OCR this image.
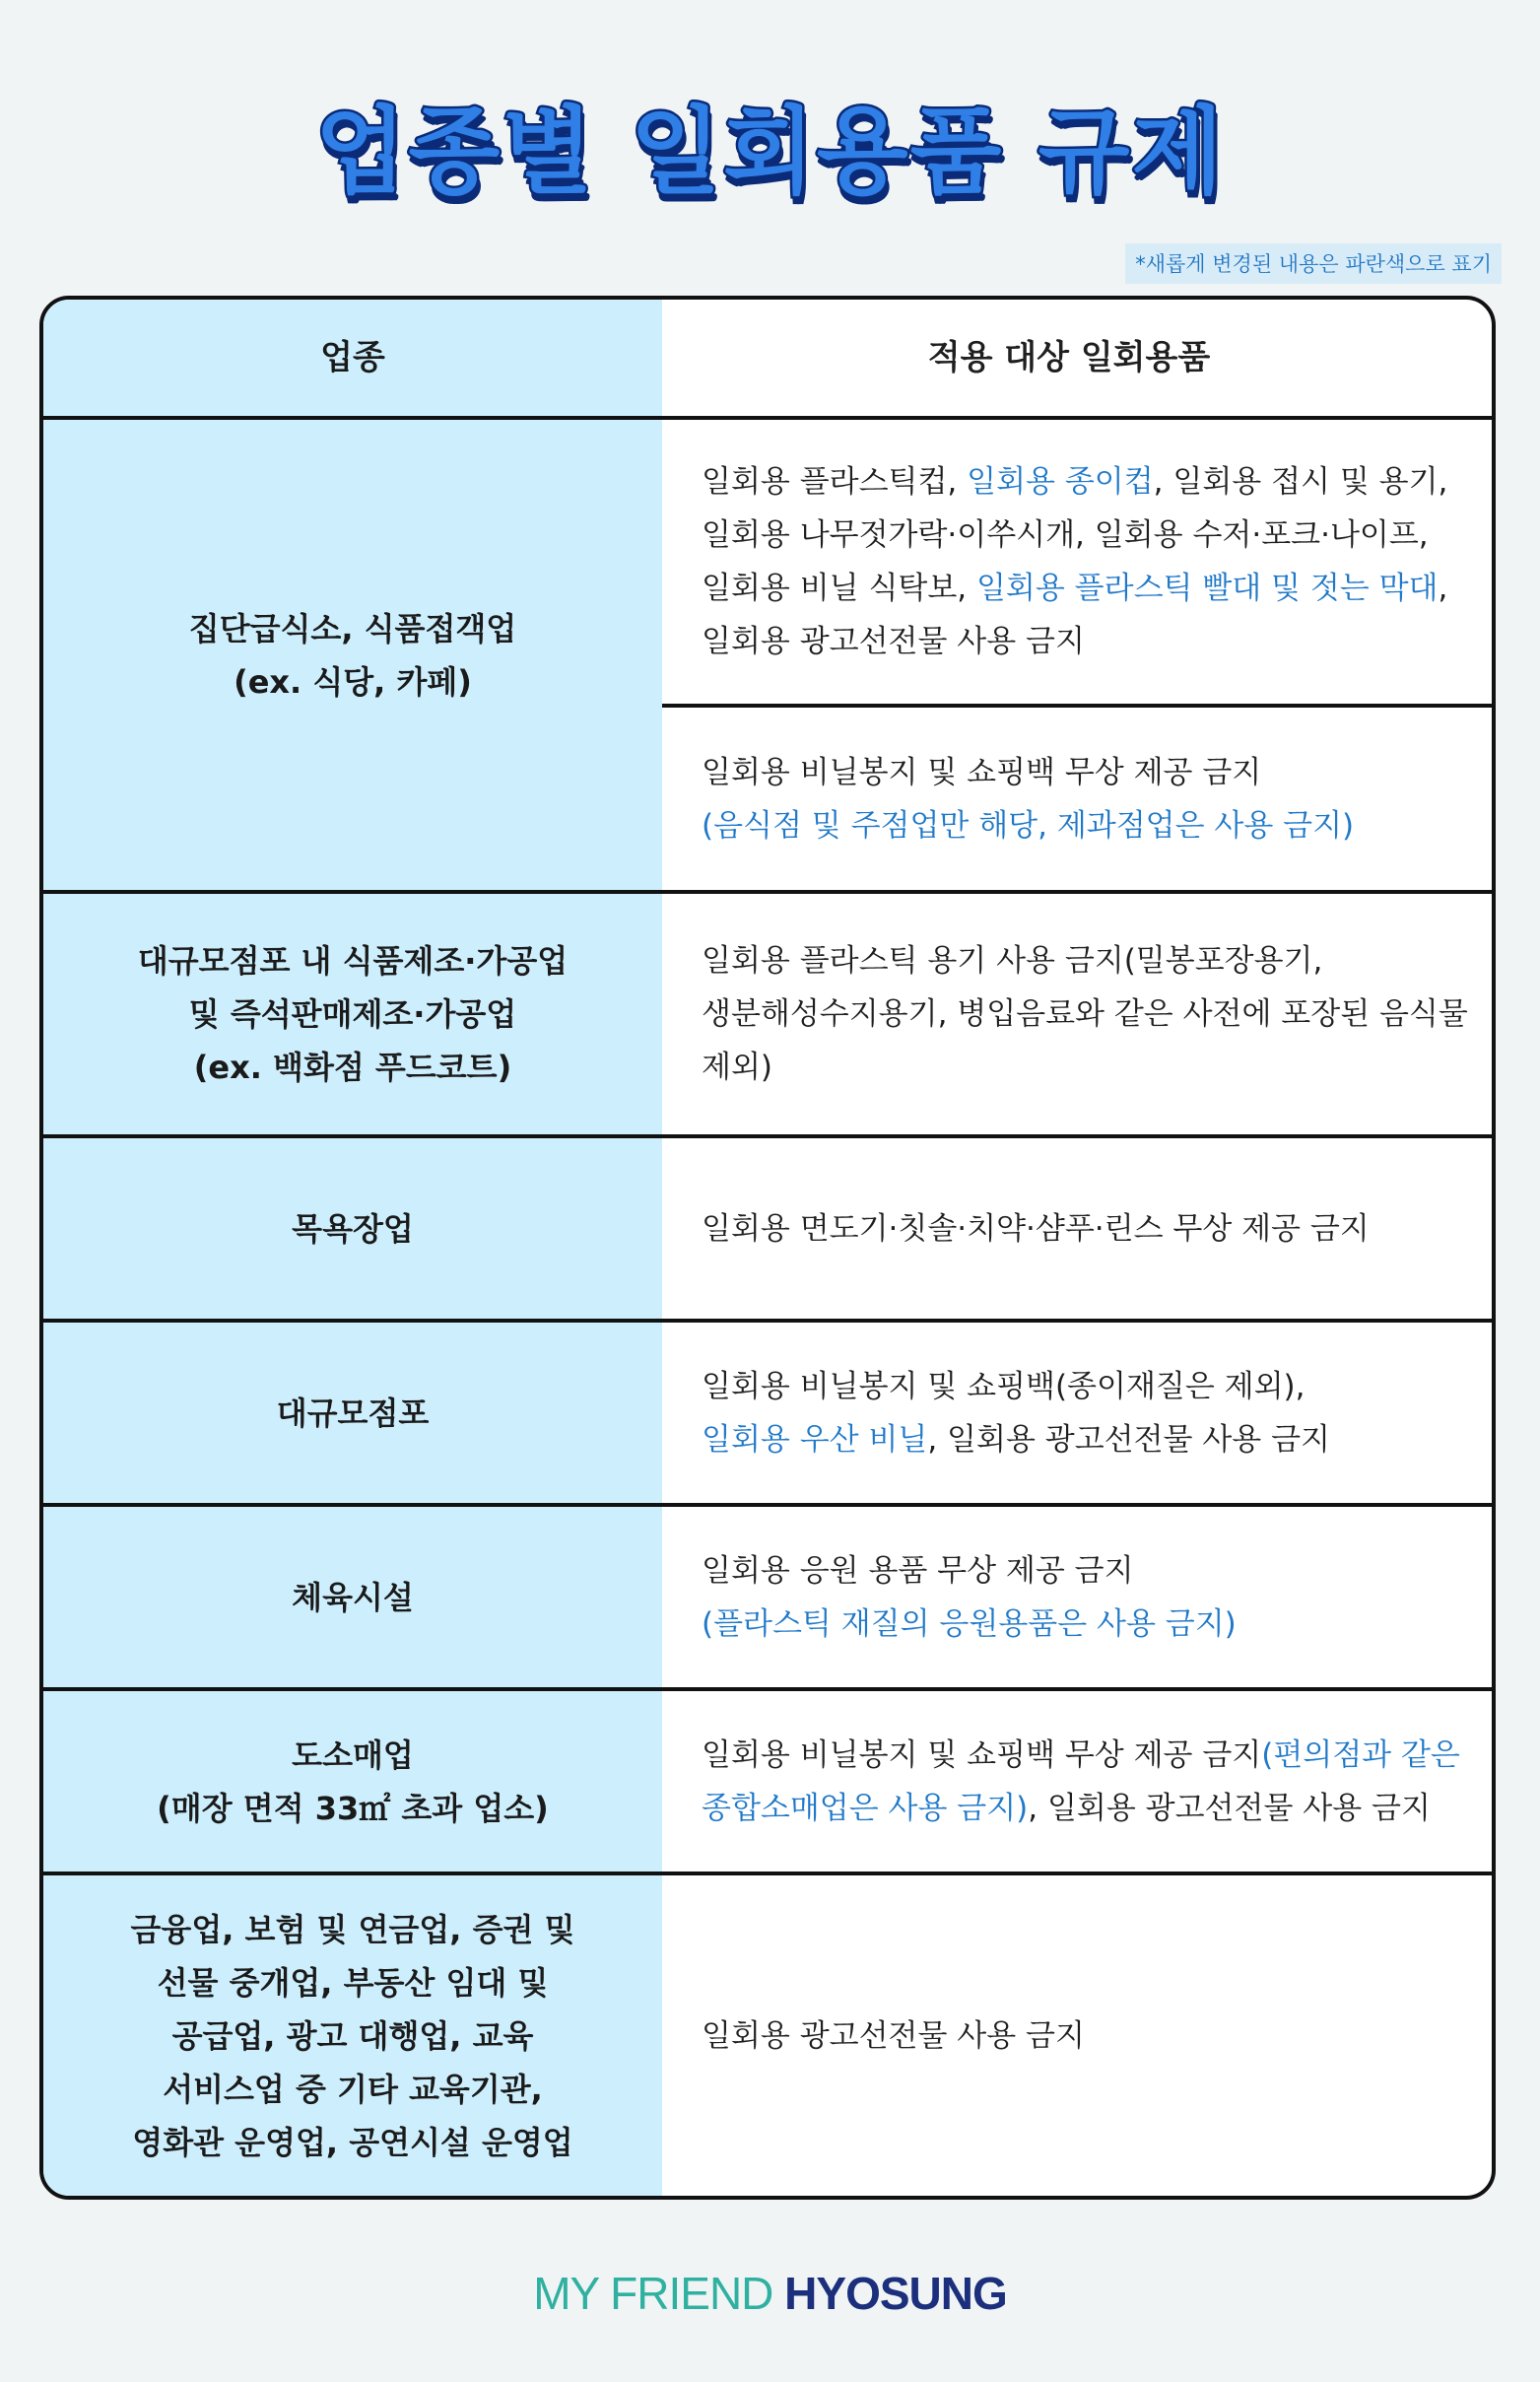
업종별 일회용품 규제
*새롭게 변경된 내용은 파란색으로 표기
업종	적용 대상 일회용품
집단급식소, 식품접객업
(ex. 식당, 카페)
일회용 플라스틱컵, 일회용 종이컵, 일회용 접시 및 용기,
일회용 나무젓가락·이쑤시개, 일회용 수저·포크·나이프,
일회용 비닐 식탁보, 일회용 플라스틱 빨대 및 젓는 막대,
일회용 광고선전물 사용 금지
일회용 비닐봉지 및 쇼핑백 무상 제공 금지
(음식점 및 주점업만 해당, 제과점업은 사용 금지)
대규모점포 내 식품제조·가공업
및 즉석판매제조·가공업
(ex. 백화점 푸드코트)
일회용 플라스틱 용기 사용 금지(밀봉포장용기,
생분해성수지용기, 병입음료와 같은 사전에 포장된 음식물
제외)
목욕장업	일회용 면도기·칫솔·치약·샴푸·린스 무상 제공 금지
대규모점포
일회용 비닐봉지 및 쇼핑백(종이재질은 제외),
일회용 우산 비닐, 일회용 광고선전물 사용 금지
체육시설
일회용 응원 용품 무상 제공 금지
(플라스틱 재질의 응원용품은 사용 금지)
도소매업
(매장 면적 33㎡ 초과 업소)
일회용 비닐봉지 및 쇼핑백 무상 제공 금지(편의점과 같은
종합소매업은 사용 금지), 일회용 광고선전물 사용 금지
금융업, 보험 및 연금업, 증권 및
선물 중개업, 부동산 임대 및
공급업, 광고 대행업, 교육
서비스업 중 기타 교육기관,
영화관 운영업, 공연시설 운영업
일회용 광고선전물 사용 금지
MY FRIEND HYOSUNG
